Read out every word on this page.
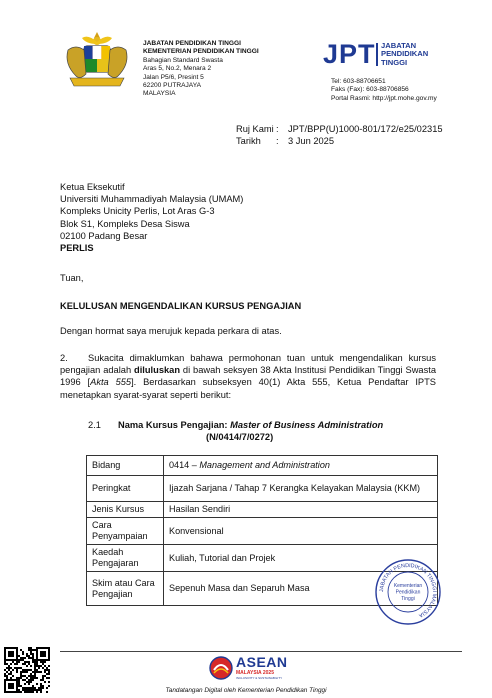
JABATAN PENDIDIKAN TINGGI
KEMENTERIAN PENDIDIKAN TINGGI
Bahagian Standard Swasta
Aras 5, No.2, Menara 2
Jalan P5/6, Presint 5
62200 PUTRAJAYA
MALAYSIA
JPT JABATAN
PENDIDIKAN
TINGGI
Tel: 603-88706651
Faks (Fax): 603-88706856
Portal Rasmi: http://jpt.mohe.gov.my
Ruj Kami :	JPT/BPP(U)1000-801/172/e25/02315
Tarikh	:	3 Jun 2025
Ketua Eksekutif
Universiti Muhammadiyah Malaysia (UMAM)
Kompleks Unicity Perlis, Lot Aras G-3
Blok S1, Kompleks Desa Siswa
02100 Padang Besar
PERLIS
Tuan,
KELULUSAN MENGENDALIKAN KURSUS PENGAJIAN
Dengan hormat saya merujuk kepada perkara di atas.
2. Sukacita dimaklumkan bahawa permohonan tuan untuk mengendalikan kursus pengajian adalah diluluskan di bawah seksyen 38 Akta Institusi Pendidikan Tinggi Swasta 1996 [Akta 555]. Berdasarkan subseksyen 40(1) Akta 555, Ketua Pendaftar IPTS menetapkan syarat-syarat seperti berikut:
2.1 Nama Kursus Pengajian: Master of Business Administration
(N/0414/7/0272)
Bidang	0414 – Management and Administration
Peringkat	Ijazah Sarjana / Tahap 7 Kerangka Kelayakan Malaysia (KKM)
Jenis Kursus	Hasilan Sendiri
Cara Penyampaian	Konvensional
Kaedah Pengajaran	Kuliah, Tutorial dan Projek
Skim atau Cara Pengajian	Sepenuh Masa dan Separuh Masa	JABATAN PENDIDIKAN TINGGI MALAYSIA
Kementerian
Pendidikan
Tinggi
ASEAN
MALAYSIA 2025
INCLUSIVITY & SUSTAINABILITY
Tandatangan Digital oleh Kementerian Pendidikan Tinggi
